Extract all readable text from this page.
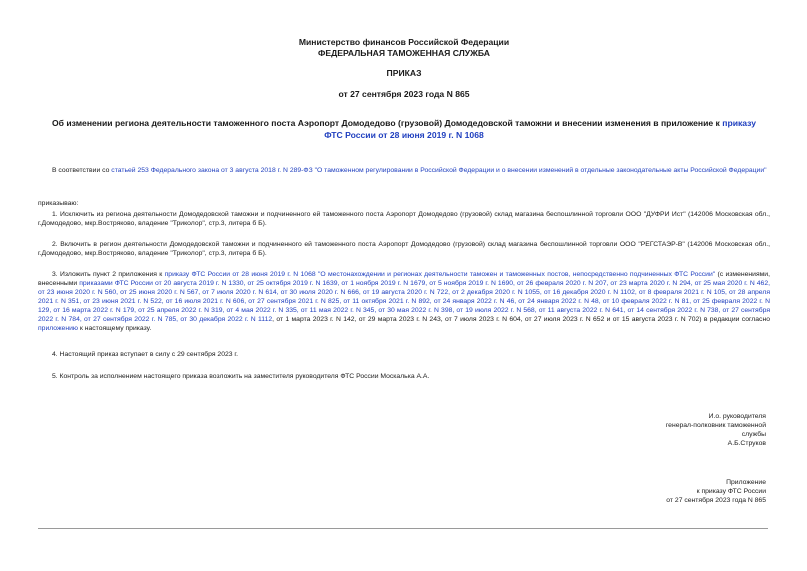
Министерство финансов Российской Федерации
ФЕДЕРАЛЬНАЯ ТАМОЖЕННАЯ СЛУЖБА
ПРИКАЗ
от 27 сентября 2023 года N 865
Об изменении региона деятельности таможенного поста Аэропорт Домодедово (грузовой) Домодедовской таможни и внесении изменения в приложение к приказу
ФТС России от 28 июня 2019 г. N 1068
В соответствии со статьей 253 Федерального закона от 3 августа 2018 г. N 289-ФЗ "О таможенном регулировании в Российской Федерации и о внесении изменений в отдельные законодательные акты Российской Федерации"
приказываю:
1. Исключить из региона деятельности Домодедовской таможни и подчиненного ей таможенного поста Аэропорт Домодедово (грузовой) склад магазина беспошлинной торговли ООО "ДУФРИ Ист" (142006 Московская обл., г.Домодедово, мкр.Востряково, владение "Триколор", стр.3, литера б Б).
2. Включить в регион деятельности Домодедовской таможни и подчиненного ей таможенного поста Аэропорт Домодедово (грузовой) склад магазина беспошлинной торговли ООО "РЕГСТАЭР-В" (142006 Московская обл., г.Домодедово, мкр.Востряково, владение "Триколор", стр.3, литера б Б).
3. Изложить пункт 2 приложения к приказу ФТС России от 28 июня 2019 г. N 1068 "О местонахождении и регионах деятельности таможен и таможенных постов, непосредственно подчиненных ФТС России" (с изменениями, внесенными приказами ФТС России от 20 августа 2019 г. N 1330, от 25 октября 2019 г. N 1639, от 1 ноября 2019 г. N 1679, от 5 ноября 2019 г. N 1690, от 26 февраля 2020 г. N 207, от 23 марта 2020 г. N 294, от 25 мая 2020 г. N 462, от 23 июня 2020 г. N 560, от 25 июня 2020 г. N 567, от 7 июля 2020 г. N 614, от 30 июля 2020 г. N 666, от 19 августа 2020 г. N 722, от 2 декабря 2020 г. N 1055, от 16 декабря 2020 г. N 1102, от 8 февраля 2021 г. N 105, от 28 апреля 2021 г. N 351, от 23 июня 2021 г. N 522, от 16 июля 2021 г. N 606, от 27 сентября 2021 г. N 825, от 11 октября 2021 г. N 892, от 24 января 2022 г. N 46, от 24 января 2022 г. N 48, от 10 февраля 2022 г. N 81, от 25 февраля 2022 г. N 129, от 16 марта 2022 г. N 179, от 25 апреля 2022 г. N 319, от 4 мая 2022 г. N 335, от 11 мая 2022 г. N 345, от 30 мая 2022 г. N 398, от 19 июля 2022 г. N 568, от 11 августа 2022 г. N 641, от 14 сентября 2022 г. N 738, от 27 сентября 2022 г. N 784, от 27 сентября 2022 г. N 785, от 30 декабря 2022 г. N 1112, от 1 марта 2023 г. N 142, от 29 марта 2023 г. N 243, от 7 июля 2023 г. N 604, от 27 июля 2023 г. N 652 и от 15 августа 2023 г. N 702) в редакции согласно приложению к настоящему приказу.
4. Настоящий приказ вступает в силу с 29 сентября 2023 г.
5. Контроль за исполнением настоящего приказа возложить на заместителя руководителя ФТС России Москалька А.А.
И.о. руководителя
генерал-полковник таможенной
службы
А.Б.Струков
Приложение
к приказу ФТС России
от 27 сентября 2023 года N 865
